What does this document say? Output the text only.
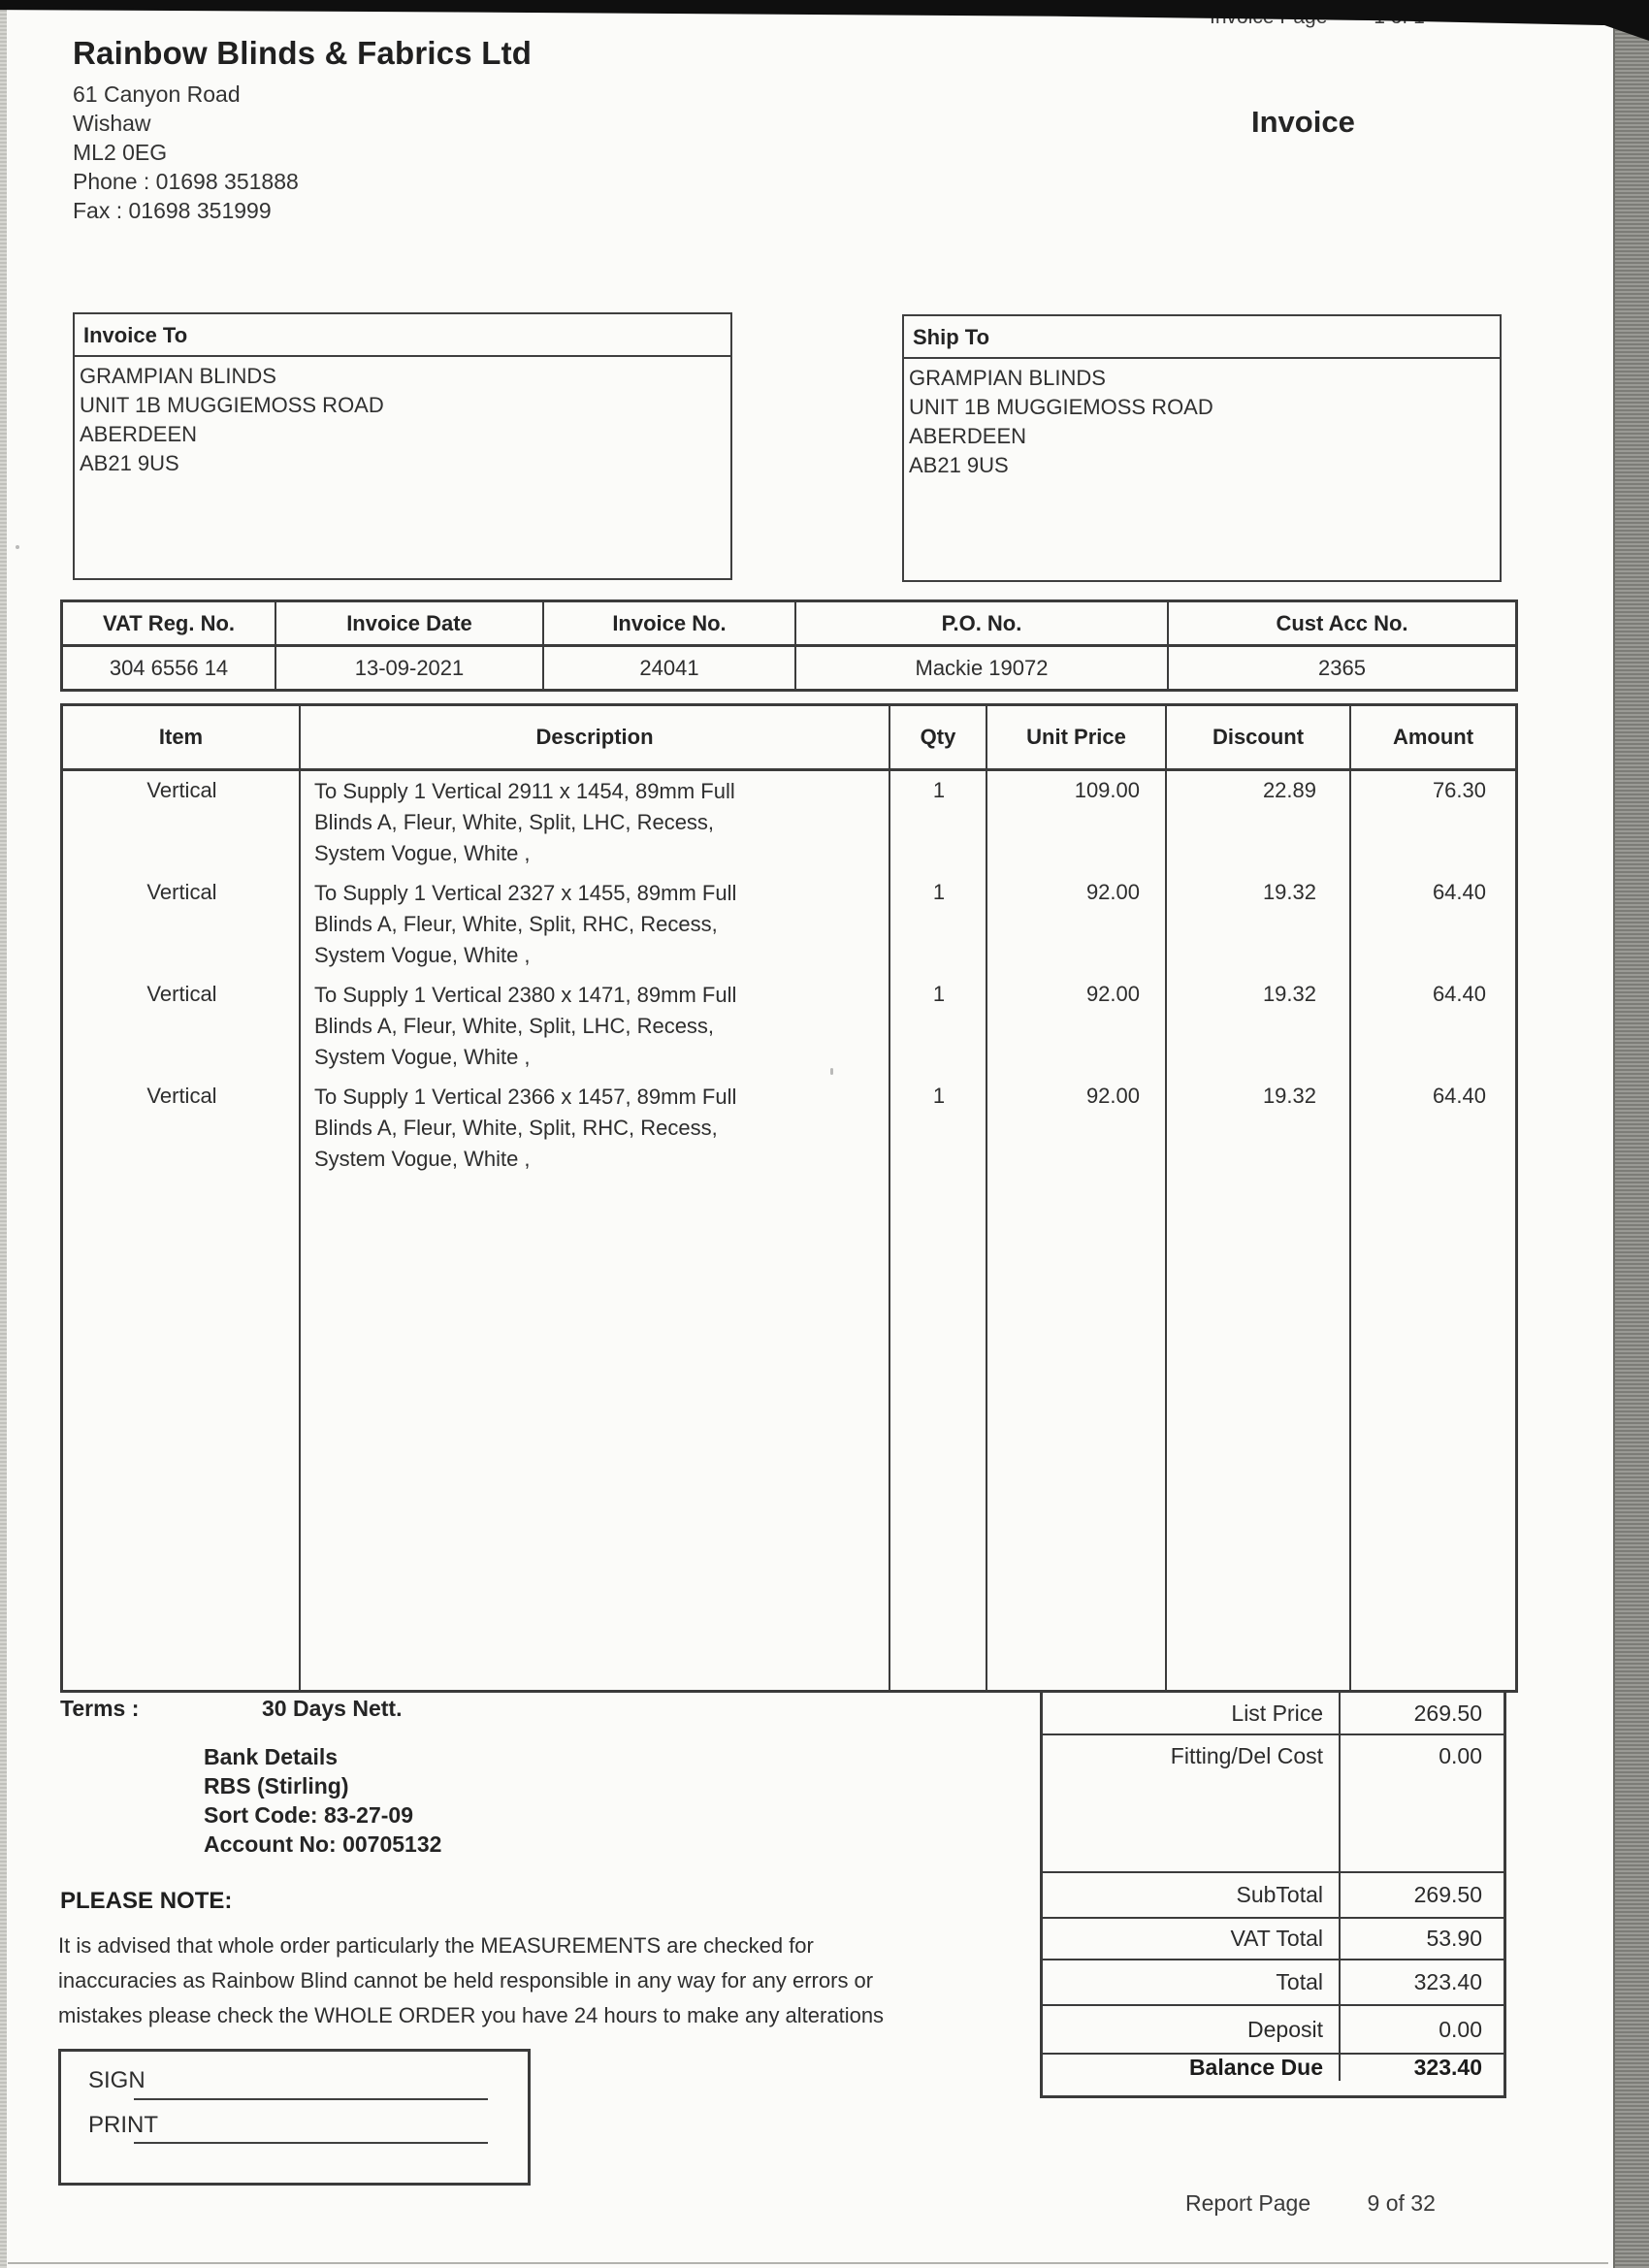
Rainbow Blinds & Fabrics Ltd
61 Canyon Road
Wishaw
ML2 0EG
Phone : 01698 351888
Fax : 01698 351999
Invoice
Invoice To
GRAMPIAN BLINDS
UNIT 1B MUGGIEMOSS ROAD
ABERDEEN
AB21 9US
Ship To
GRAMPIAN BLINDS
UNIT 1B MUGGIEMOSS ROAD
ABERDEEN
AB21 9US
VAT Reg. No.	Invoice Date	Invoice No.	P.O. No.	Cust Acc No.
304 6556 14	13-09-2021	24041	Mackie 19072	2365
Item	Description	Qty	Unit Price	Discount	Amount
Vertical	To Supply 1 Vertical 2911 x 1454, 89mm Full
Blinds A, Fleur, White, Split, LHC, Recess,
System Vogue, White ,
1	109.00	22.89	76.30
Vertical	To Supply 1 Vertical 2327 x 1455, 89mm Full
Blinds A, Fleur, White, Split, RHC, Recess,
System Vogue, White ,
1	92.00	19.32	64.40
Vertical	To Supply 1 Vertical 2380 x 1471, 89mm Full
Blinds A, Fleur, White, Split, LHC, Recess,
System Vogue, White ,
1	92.00	19.32	64.40
Vertical	To Supply 1 Vertical 2366 x 1457, 89mm Full
Blinds A, Fleur, White, Split, RHC, Recess,
System Vogue, White ,
1	92.00	19.32	64.40
Terms :	30 Days Nett.
Bank Details
RBS (Stirling)
Sort Code: 83-27-09
Account No: 00705132
PLEASE NOTE:
It is advised that whole order particularly the MEASUREMENTS are checked for
inaccuracies as Rainbow Blind cannot be held responsible in any way for any errors or
mistakes please check the WHOLE ORDER you have 24 hours to make any alterations
List Price	269.50
Fitting/Del Cost	0.00
SubTotal	269.50
VAT Total	53.90
Total	323.40
Deposit	0.00
Balance Due	323.40
SIGN
PRINT
Report Page	9 of 32
